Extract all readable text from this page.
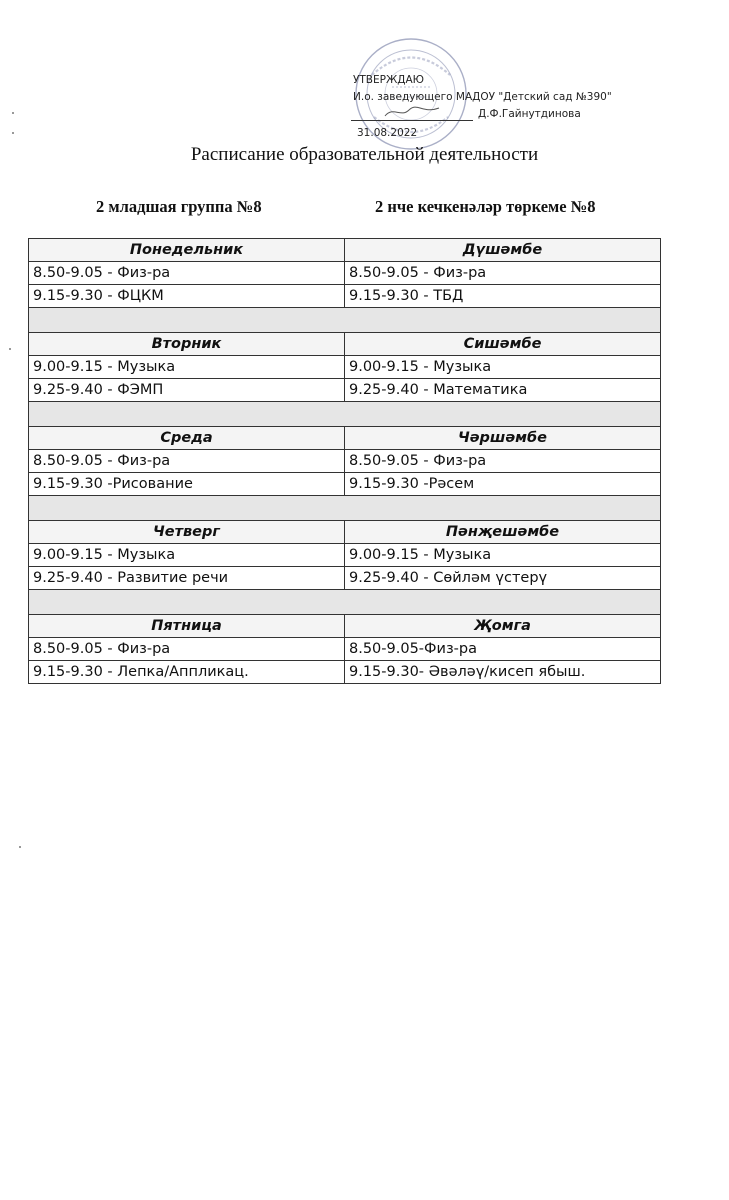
УТВЕРЖДАЮ
И.о. заведующего МАДОУ "Детский сад №390"
Д.Ф.Гайнутдинова
31.08.2022
Расписание образовательной деятельности
2 младшая группа №8	2 нче кечкенәләр төркеме №8
Понедельник	Дүшәмбе
8.50-9.05 - Физ-ра	8.50-9.05 - Физ-ра
9.15-9.30 - ФЦКМ	9.15-9.30 - ТБД

Вторник	Сишәмбе
9.00-9.15 - Музыка	9.00-9.15 - Музыка
9.25-9.40 - ФЭМП	9.25-9.40 - Математика

Среда	Чәршәмбе
8.50-9.05 - Физ-ра	8.50-9.05 - Физ-ра
9.15-9.30 -Рисование	9.15-9.30 -Рәсем

Четверг	Пәнҗешәмбе
9.00-9.15 - Музыка	9.00-9.15 - Музыка
9.25-9.40 - Развитие речи	9.25-9.40 - Сөйләм үстерү

Пятница	Җомга
8.50-9.05 - Физ-ра	8.50-9.05-Физ-ра
9.15-9.30 - Лепка/Аппликац.	9.15-9.30- Әвәләү/кисеп ябыш.
